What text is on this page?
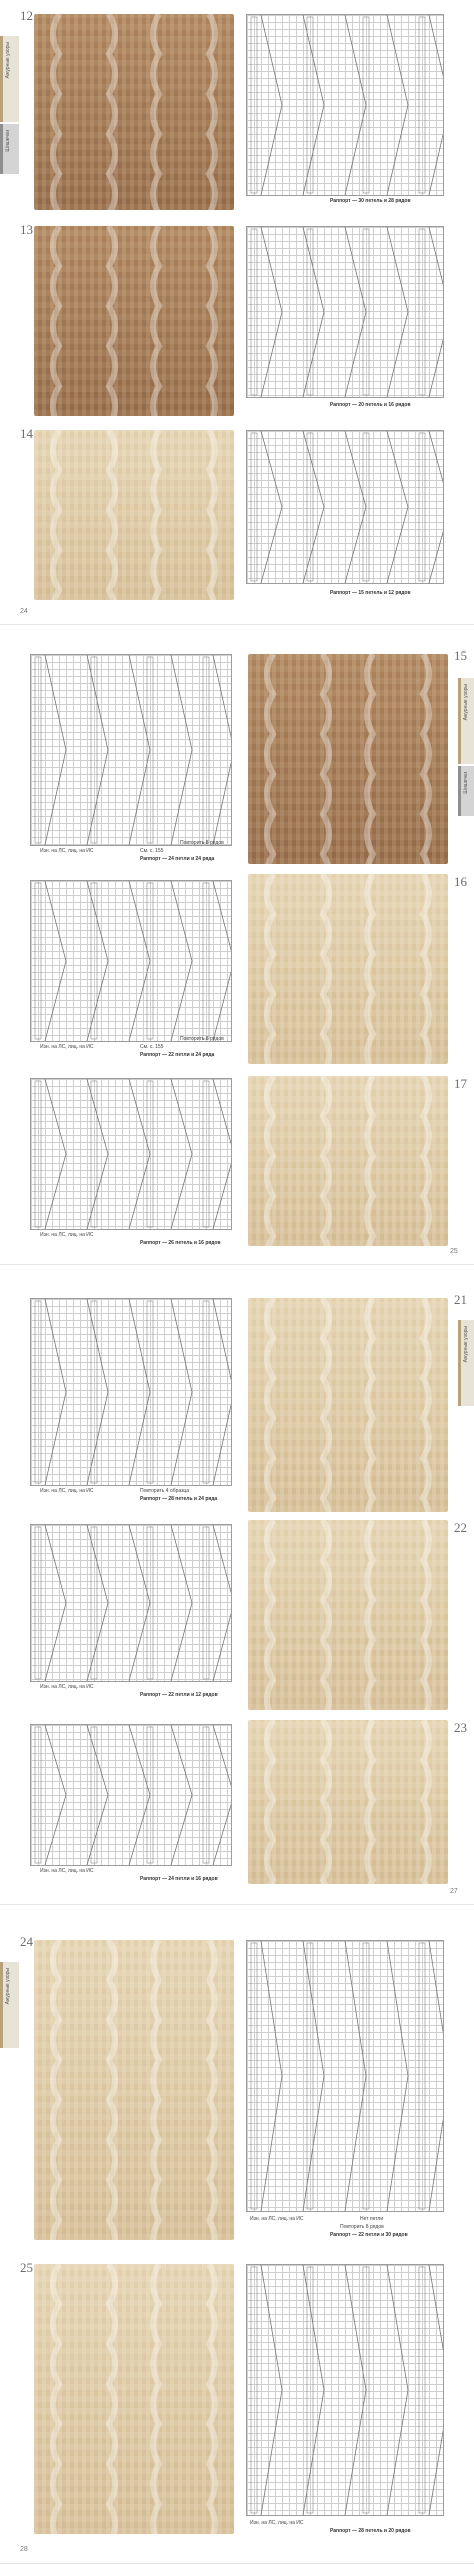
12
Раппорт — 30 петель и 28 рядов
Ажурные узоры
Шишечки
13
Раппорт — 20 петель и 16 рядов
14
Раппорт — 15 петель и 12 рядов
24
Изн. на ЛС, лиц. на ИС	См. с. 155
Повторить 8 рядов
Раппорт — 24 петли и 24 ряда
15
Ажурные узоры
Шишечки
Изн. на ЛС, лиц. на ИС	См. с. 155
Повторить 8 рядов
Раппорт — 22 петли и 24 ряда
16
Изн. на ЛС, лиц. на ИС
Раппорт — 26 петель и 16 рядов
17
25
Изн. на ЛС, лиц. на ИС	Повторить 4 образца
Раппорт — 28 петель и 24 ряда
21
Ажурные узоры
Изн. на ЛС, лиц. на ИС
Раппорт — 22 петли и 12 рядов
22
Изн. на ЛС, лиц. на ИС
Раппорт — 24 петли и 16 рядов
23
27
24
Изн. на ЛС, лиц. на ИС	Нет петли
Повторить 8 рядов
Раппорт — 22 петли и 30 рядов
Ажурные узоры
25
Изн. на ЛС, лиц. на ИС
Раппорт — 28 петель и 20 рядов
28
